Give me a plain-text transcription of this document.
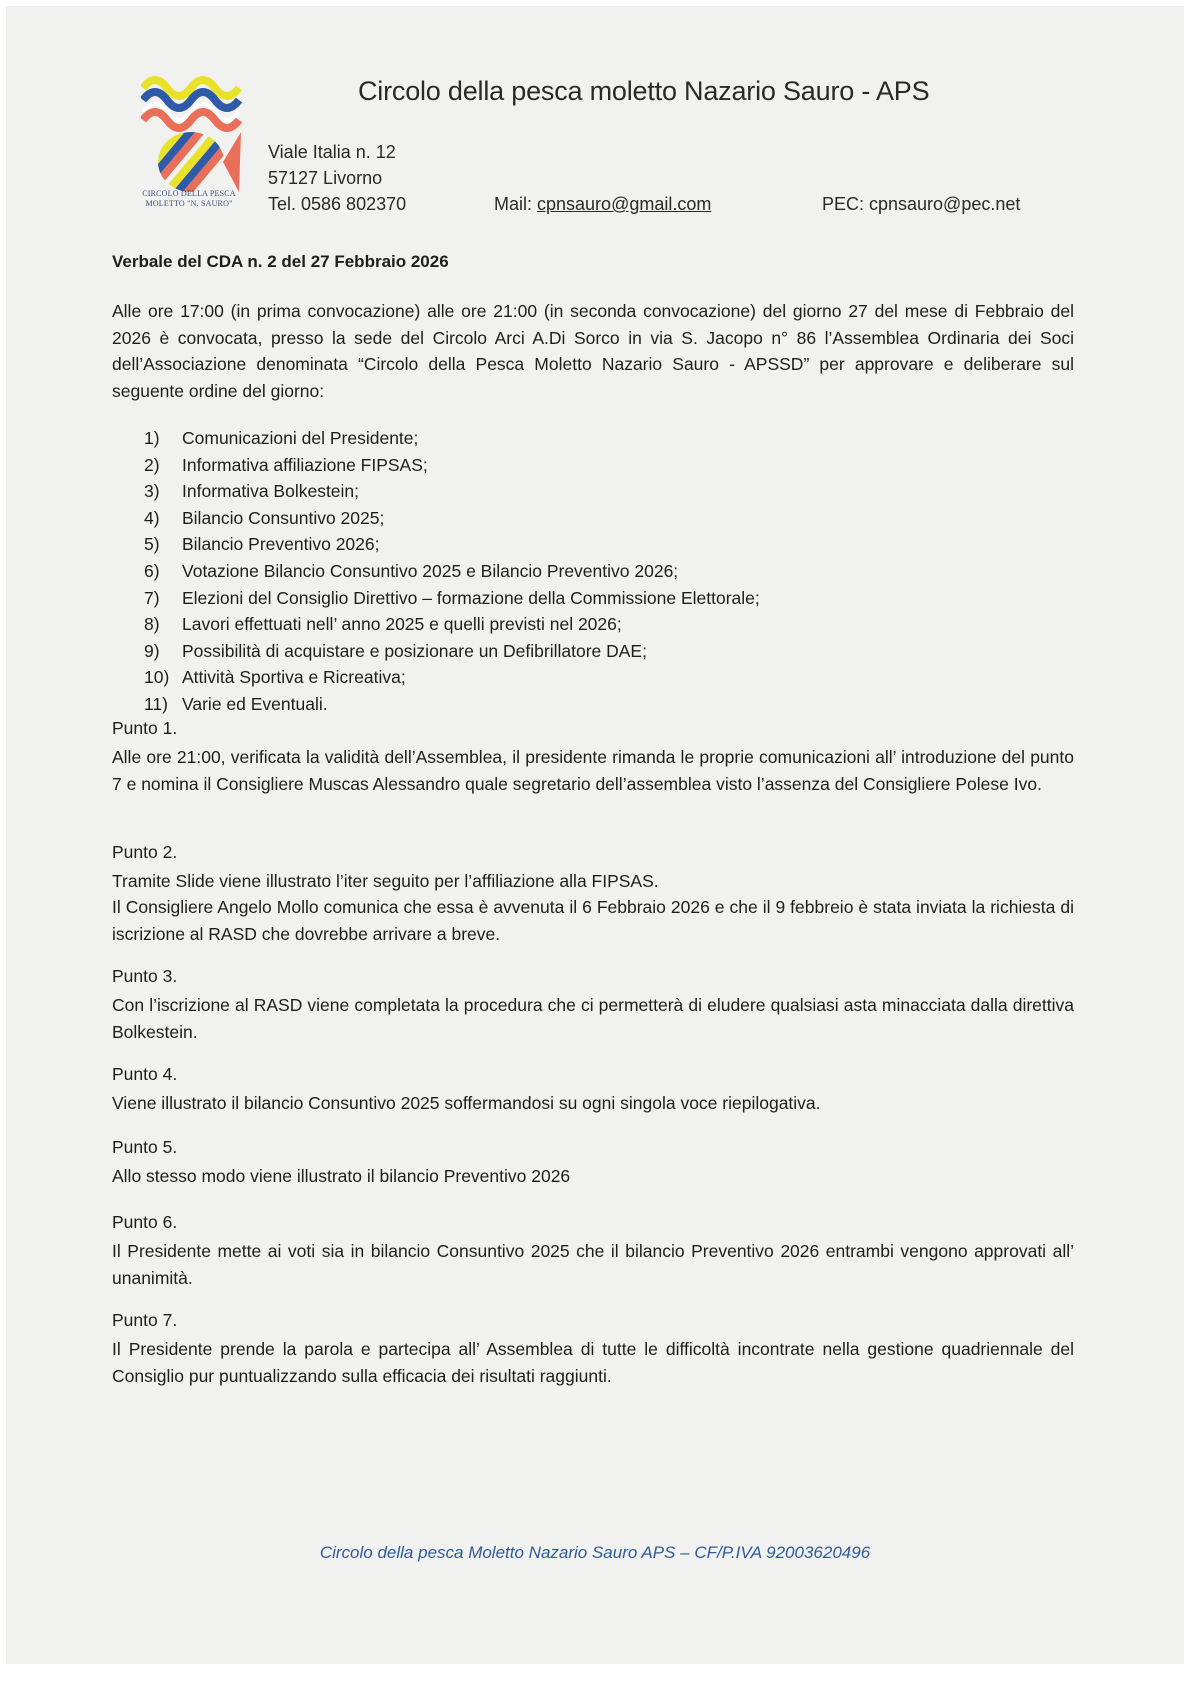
CIRCOLO DELLA PESCA
MOLETTO "N. SAURO"
Circolo della pesca moletto Nazario Sauro - APS
Viale Italia n. 12
57127 Livorno
Tel. 0586 802370	Mail: cpnsauro@gmail.com	PEC: cpnsauro@pec.net
Verbale del CDA n. 2 del 27 Febbraio 2026
Alle ore 17:00 (in prima convocazione) alle ore 21:00 (in seconda convocazione) del giorno 27 del mese di Febbraio del 2026 è convocata, presso la sede del Circolo Arci A.Di Sorco in via S. Jacopo n° 86 l’Assemblea Ordinaria dei Soci dell’Associazione denominata “Circolo della Pesca Moletto Nazario Sauro - APSSD” per approvare e deliberare sul seguente ordine del giorno:
1)	Comunicazioni del Presidente;
2)	Informativa affiliazione FIPSAS;
3)	Informativa Bolkestein;
4)	Bilancio Consuntivo 2025;
5)	Bilancio Preventivo 2026;
6)	Votazione Bilancio Consuntivo 2025 e Bilancio Preventivo 2026;
7)	Elezioni del Consiglio Direttivo – formazione della Commissione Elettorale;
8)	Lavori effettuati nell’ anno 2025 e quelli previsti nel 2026;
9)	Possibilità di acquistare e posizionare un Defibrillatore DAE;
10) Attività Sportiva e Ricreativa;
11) Varie ed Eventuali.
Punto 1.
Alle ore 21:00, verificata la validità dell’Assemblea, il presidente rimanda le proprie comunicazioni all’ introduzione del punto 7 e nomina il Consigliere Muscas Alessandro quale segretario dell’assemblea visto l’assenza del Consigliere Polese Ivo.
Punto 2.
Tramite Slide viene illustrato l’iter seguito per l’affiliazione alla FIPSAS.
Il Consigliere Angelo Mollo comunica che essa è avvenuta il 6 Febbraio 2026 e che il 9 febbreio è stata inviata la richiesta di iscrizione al RASD che dovrebbe arrivare a breve.
Punto 3.
Con l’iscrizione al RASD viene completata la procedura che ci permetterà di eludere qualsiasi asta minacciata dalla direttiva Bolkestein.
Punto 4.
Viene illustrato il bilancio Consuntivo 2025 soffermandosi su ogni singola voce riepilogativa.
Punto 5.
Allo stesso modo viene illustrato il bilancio Preventivo 2026
Punto 6.
Il Presidente mette ai voti sia in bilancio Consuntivo 2025 che il bilancio Preventivo 2026 entrambi vengono approvati all’ unanimità.
Punto 7.
Il Presidente prende la parola e partecipa all’ Assemblea di tutte le difficoltà incontrate nella gestione quadriennale del Consiglio pur puntualizzando sulla efficacia dei risultati raggiunti.
Circolo della pesca Moletto Nazario Sauro APS – CF/P.IVA 92003620496
